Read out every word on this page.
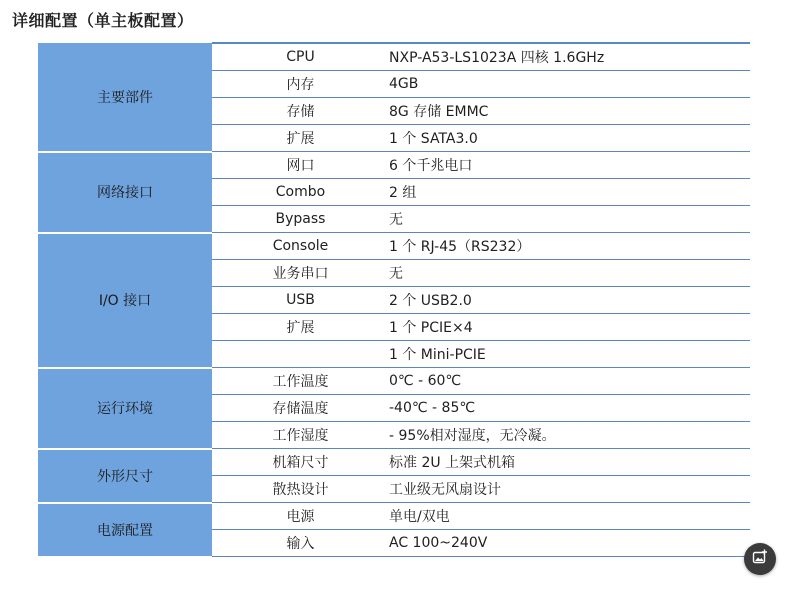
详细配置（单主板配置）
主要部件	CPU	NXP-A53-LS1023A 四核 1.6GHz
	内存	4GB
	存储	8G 存储 EMMC
	扩展	1 个 SATA3.0
网络接口	网口	6 个千兆电口
	Combo	2 组
	Bypass	无
I/O 接口	Console	1 个 RJ-45（RS232）
	业务串口	无
	USB	2 个 USB2.0
	扩展	1 个 PCIE×4
		1 个 Mini-PCIE
运行环境	工作温度	0℃ - 60℃
	存储温度	-40℃ - 85℃
	工作湿度	- 95%相对湿度，无冷凝。
外形尺寸	机箱尺寸	标准 2U 上架式机箱
	散热设计	工业级无风扇设计
电源配置	电源	单电/双电
	输入	AC 100~240V
